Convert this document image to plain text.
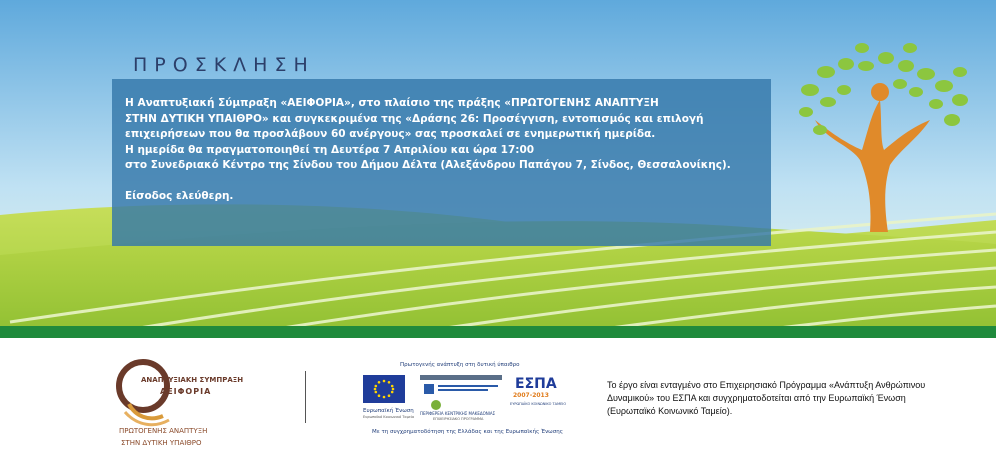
ΠΡΟΣΚΛΗΣΗ
Η Αναπτυξιακή Σύμπραξη «ΑΕΙΦΟΡΙΑ», στο πλαίσιο της πράξης «ΠΡΩΤΟΓΕΝΗΣ ΑΝΑΠΤΥΞΗ
ΣΤΗΝ ΔΥΤΙΚΗ ΥΠΑΙΘΡΟ» και συγκεκριμένα της «Δράσης 26: Προσέγγιση, εντοπισμός και επιλογή
επιχειρήσεων που θα προσλάβουν 60 ανέργους» σας προσκαλεί σε ενημερωτική ημερίδα.
Η ημερίδα θα πραγματοποιηθεί τη Δευτέρα 7 Απριλίου και ώρα 17:00
στο Συνεδριακό Κέντρο της Σίνδου του Δήμου Δέλτα (Αλεξάνδρου Παπάγου 7, Σίνδος, Θεσσαλονίκης).
Είσοδος ελεύθερη.
ΑΝΑΠΤΥΞΙΑΚΗ ΣΥΜΠΡΑΞΗ
ΑΕΙΦΟΡΙΑ
ΠΡΩΤΟΓΕΝΗΣ ΑΝΑΠΤΥΞΗ
ΣΤΗΝ ΔΥΤΙΚΗ ΥΠΑΙΘΡΟ
Πρωτογενής ανάπτυξη στη δυτική ύπαιθρο
Ευρωπαϊκή Ένωση
Ευρωπαϊκό Κοινωνικό Ταμείο
ΠΕΡΙΦΕΡΕΙΑ ΚΕΝΤΡΙΚΗΣ ΜΑΚΕΔΟΝΙΑΣ
ΕΠΙΧΕΙΡΗΣΙΑΚΟ ΠΡΟΓΡΑΜΜΑ
ΕΣΠΑ
2007-2013
ΕΥΡΩΠΑΪΚΟ ΚΟΙΝΩΝΙΚΟ ΤΑΜΕΙΟ
Με τη συγχρηματοδότηση της Ελλάδας και της Ευρωπαϊκής Ένωσης
Το έργο είναι ενταγμένο στο Επιχειρησιακό Πρόγραμμα «Ανάπτυξη Ανθρώπινου Δυναμικού» του ΕΣΠΑ και συγχρηματοδοτείται από την Ευρωπαϊκή Ένωση (Ευρωπαϊκό Κοινωνικό Ταμείο).
